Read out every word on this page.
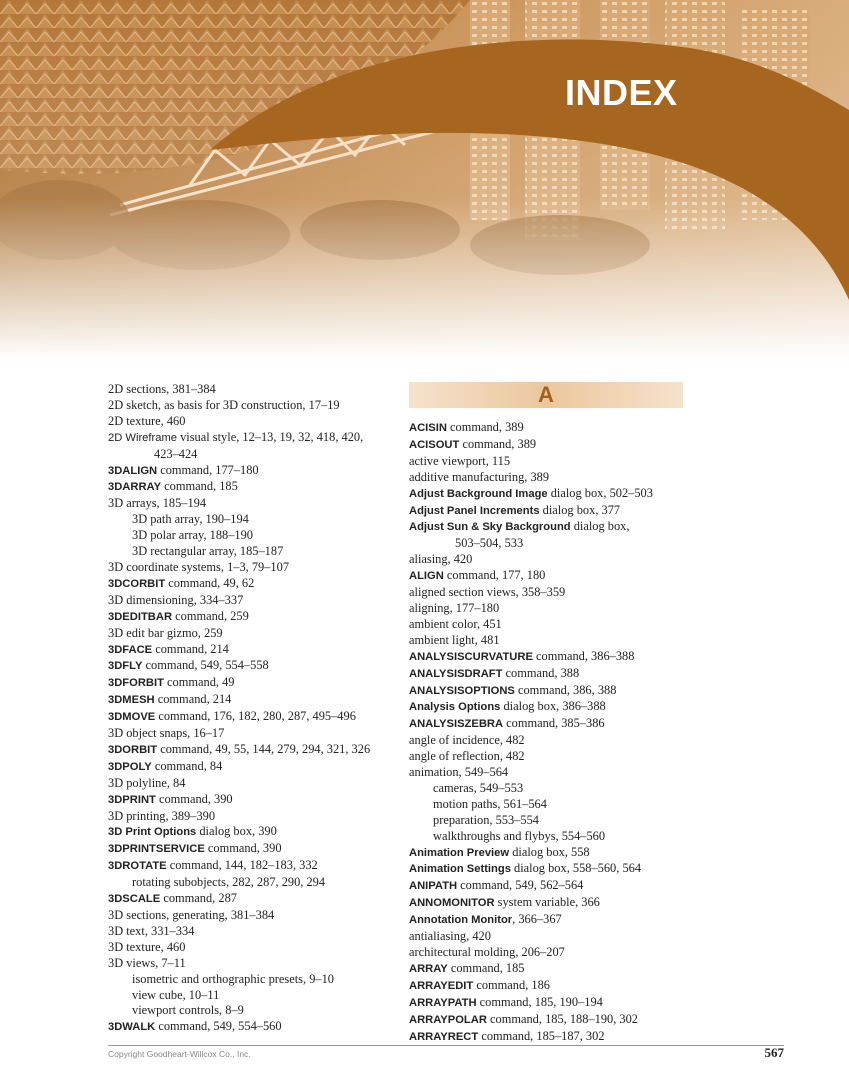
INDEX
2D sections, 381–384
2D sketch, as basis for 3D construction, 17–19
2D texture, 460
2D Wireframe visual style, 12–13, 19, 32, 418, 420,
423–424
3DALIGN command, 177–180
3DARRAY command, 185
3D arrays, 185–194
3D path array, 190–194
3D polar array, 188–190
3D rectangular array, 185–187
3D coordinate systems, 1–3, 79–107
3DCORBIT command, 49, 62
3D dimensioning, 334–337
3DEDITBAR command, 259
3D edit bar gizmo, 259
3DFACE command, 214
3DFLY command, 549, 554–558
3DFORBIT command, 49
3DMESH command, 214
3DMOVE command, 176, 182, 280, 287, 495–496
3D object snaps, 16–17
3DORBIT command, 49, 55, 144, 279, 294, 321, 326
3DPOLY command, 84
3D polyline, 84
3DPRINT command, 390
3D printing, 389–390
3D Print Options dialog box, 390
3DPRINTSERVICE command, 390
3DROTATE command, 144, 182–183, 332
rotating subobjects, 282, 287, 290, 294
3DSCALE command, 287
3D sections, generating, 381–384
3D text, 331–334
3D texture, 460
3D views, 7–11
isometric and orthographic presets, 9–10
view cube, 10–11
viewport controls, 8–9
3DWALK command, 549, 554–560
A
ACISIN command, 389
ACISOUT command, 389
active viewport, 115
additive manufacturing, 389
Adjust Background Image dialog box, 502–503
Adjust Panel Increments dialog box, 377
Adjust Sun & Sky Background dialog box,
503–504, 533
aliasing, 420
ALIGN command, 177, 180
aligned section views, 358–359
aligning, 177–180
ambient color, 451
ambient light, 481
ANALYSISCURVATURE command, 386–388
ANALYSISDRAFT command, 388
ANALYSISOPTIONS command, 386, 388
Analysis Options dialog box, 386–388
ANALYSISZEBRA command, 385–386
angle of incidence, 482
angle of reflection, 482
animation, 549–564
cameras, 549–553
motion paths, 561–564
preparation, 553–554
walkthroughs and flybys, 554–560
Animation Preview dialog box, 558
Animation Settings dialog box, 558–560, 564
ANIPATH command, 549, 562–564
ANNOMONITOR system variable, 366
Annotation Monitor, 366–367
antialiasing, 420
architectural molding, 206–207
ARRAY command, 185
ARRAYEDIT command, 186
ARRAYPATH command, 185, 190–194
ARRAYPOLAR command, 185, 188–190, 302
ARRAYRECT command, 185–187, 302
Copyright Goodheart-Willcox Co., Inc.	567
